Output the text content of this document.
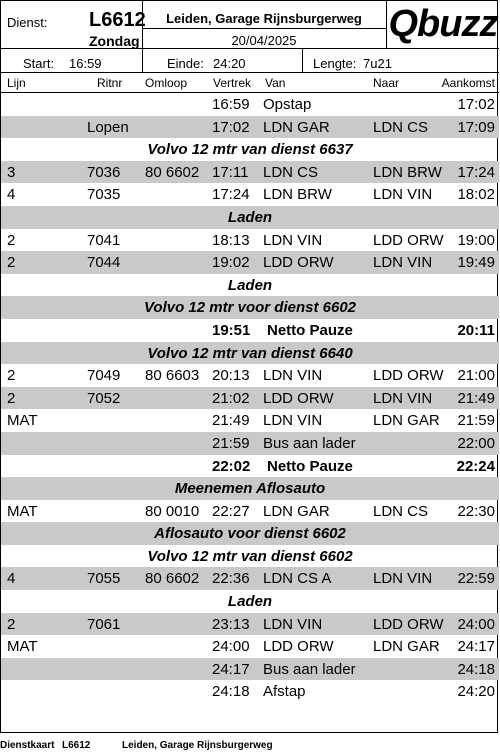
Dienst: L6612
Zondag
Leiden, Garage Rijnsburgerweg
20/04/2025	Qbuzz
Start: 16:59	Einde: 24:20	Lengte: 7u21
Lijn	Ritnr Omloop Vertrek Van	Naar	Aankomst
16:59 Opstap	17:02
Lopen	17:02 LDN GAR	LDN CS 17:09
Volvo 12 mtr van dienst 6637
3	7036 80 6602 17:11 LDN CS	LDN BRW 17:24
4	7035	17:24 LDN BRW	LDN VIN 18:02
Laden
2	7041	18:13 LDN VIN	LDD ORW 19:00
2	7044	19:02 LDD ORW	LDN VIN 19:49
Laden
Volvo 12 mtr voor dienst 6602
19:51 Netto Pauze	20:11
Volvo 12 mtr van dienst 6640
2	7049 80 6603 20:13 LDN VIN	LDD ORW 21:00
2	7052	21:02 LDD ORW	LDN VIN 21:49
MAT	21:49 LDN VIN	LDN GAR 21:59
21:59 Bus aan lader	22:00
22:02 Netto Pauze	22:24
Meenemen Aflosauto
MAT	80 0010 22:27 LDN GAR	LDN CS 22:30
Aflosauto voor dienst 6602
Volvo 12 mtr van dienst 6602
4	7055 80 6602 22:36 LDN CS A	LDN VIN 22:59
Laden
2	7061	23:13 LDN VIN	LDD ORW 24:00
MAT	24:00 LDD ORW	LDN GAR 24:17
24:17 Bus aan lader	24:18
24:18 Afstap	24:20
Dienstkaart L6612	Leiden, Garage Rijnsburgerweg
